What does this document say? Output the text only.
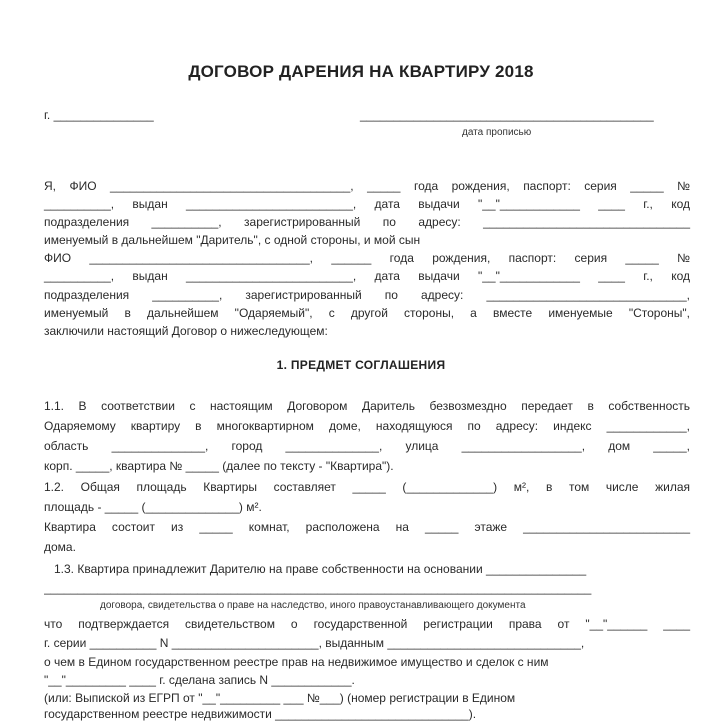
ДОГОВОР ДАРЕНИЯ НА КВАРТИРУ 2018
г. _______________	____________________________________________
дата прописью
Я, ФИО ____________________________________, _____ года рождения, паспорт: серия _____ №
__________, выдан _________________________, дата выдачи "__"____________ ____ г., код
подразделения __________, зарегистрированный по адресу: _______________________________
именуемый в дальнейшем "Даритель", с одной стороны, и мой сын
ФИО _________________________________, ______ года рождения, паспорт: серия _____ №
__________, выдан _________________________, дата выдачи "__"____________ ____ г., код
подразделения __________, зарегистрированный по адресу: ______________________________,
именуемый в дальнейшем "Одаряемый", с другой стороны, а вместе именуемые "Стороны",
заключили настоящий Договор о нижеследующем:
1. ПРЕДМЕТ СОГЛАШЕНИЯ
1.1. В соответствии с настоящим Договором Даритель безвозмездно передает в собственность
Одаряемому квартиру в многоквартирном доме, находящуюся по адресу: индекс ____________,
область ______________, город ______________, улица __________________, дом _____,
корп. _____, квартира № _____ (далее по тексту - "Квартира").
1.2. Общая площадь Квартиры составляет _____ (_____________) м², в том числе жилая
площадь - _____ (______________) м².
Квартира состоит из _____ комнат, расположена на _____ этаже _________________________
дома.
1.3. Квартира принадлежит Дарителю на праве собственности на основании _______________
__________________________________________________________________________________
договора, свидетельства о праве на наследство, иного правоустанавливающего документа
что подтверждается свидетельством о государственной регистрации права от "__"______ ____
г. серии __________ N ______________________, выданным _____________________________,
о чем в Едином государственном реестре прав на недвижимое имущество и сделок с ним
"__"_________ ____ г. сделана запись N ____________.
(или: Выпиской из ЕГРП от "__"_________ ___ №___) (номер регистрации в Едином
государственном реестре недвижимости _____________________________).
